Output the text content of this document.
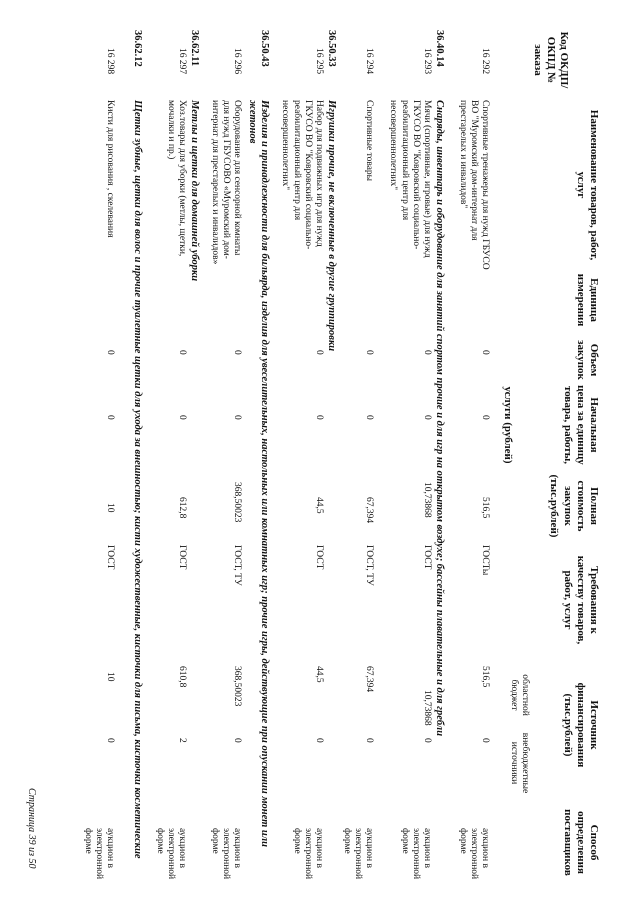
Код ОКДП/ ОКПД № заказа
Наименование товаров, работ, услуг
Единица измерения
Объем закупок
Начальная цена за единицу товара, работы,
услуги (рублей)
Полная стоимость закупок (тыс.рублей)
Требования к качеству товаров, работ, услуг
Источник финансирования (тыс.рублей)
областной бюджет
внебюджетные источники
Способ определения поставщиков
16 292
Спортивные тренажеры для нужд ГБУСО ВО "Муромский дом-интернат для престарелых и инвалидов"
0
0
516,5
ГОСТы
516,5
0
аукцион в электронной форме
36.40.14
Снаряды, инвентарь и оборудование для занятий спортом прочие и для игр на открытом воздухе; бассейны плавательные и для гребли
16 293
Мячи (спортивные, игровые) для нужд ГКУСО ВО "Ковровский социально-реабилитационный центр для несовершеннолетних"
0
0
10,73868
ГОСТ
10,73868
0
аукцион в электронной форме
16 294
Спортивные товары
0
0
67,394
ГОСТ, ТУ
67,394
0
аукцион в электронной форме
36.50.33
Игрушки прочие, не включенные в другие группировки
16 295
Набор для подвижных игр для нужд ГКУСО ВО "Ковровский социально-реабилитационный центр для несовершеннолетних"
0
0
44,5
ГОСТ
44,5
0
аукцион в электронной форме
36.50.43
Изделия и принадлежности для бильярда, изделия для увеселительных, настольных или комнатных игр; прочие игры, действующие при опускании монет или жетонов
16 296
Оборудование для сенсорной комнаты для нужд ГБУСОВО «Муромский дом-интернат для престарелых и инвалидов»
0
0
368,50023
ГОСТ, ТУ
368,50023
0
аукцион в электронной форме
36.62.11
Метлы и щетки для домашней уборки
16 297
Хоз.товары для уборки (метлы, щетки, мочалки и пр.)
0
0
612,8
ГОСТ
610,8
2
аукцион в электронной форме
36.62.12
Щетки зубные, щетки для волос и прочие туалетные щетки для ухода за внешностью; кисти художественные, кисточки для письма, кисточки косметические
16 298
Кисти для рисования , скелевания
0
0
10
ГОСТ
10
0
аукцион в электронной форме
Страница 39 из 50
